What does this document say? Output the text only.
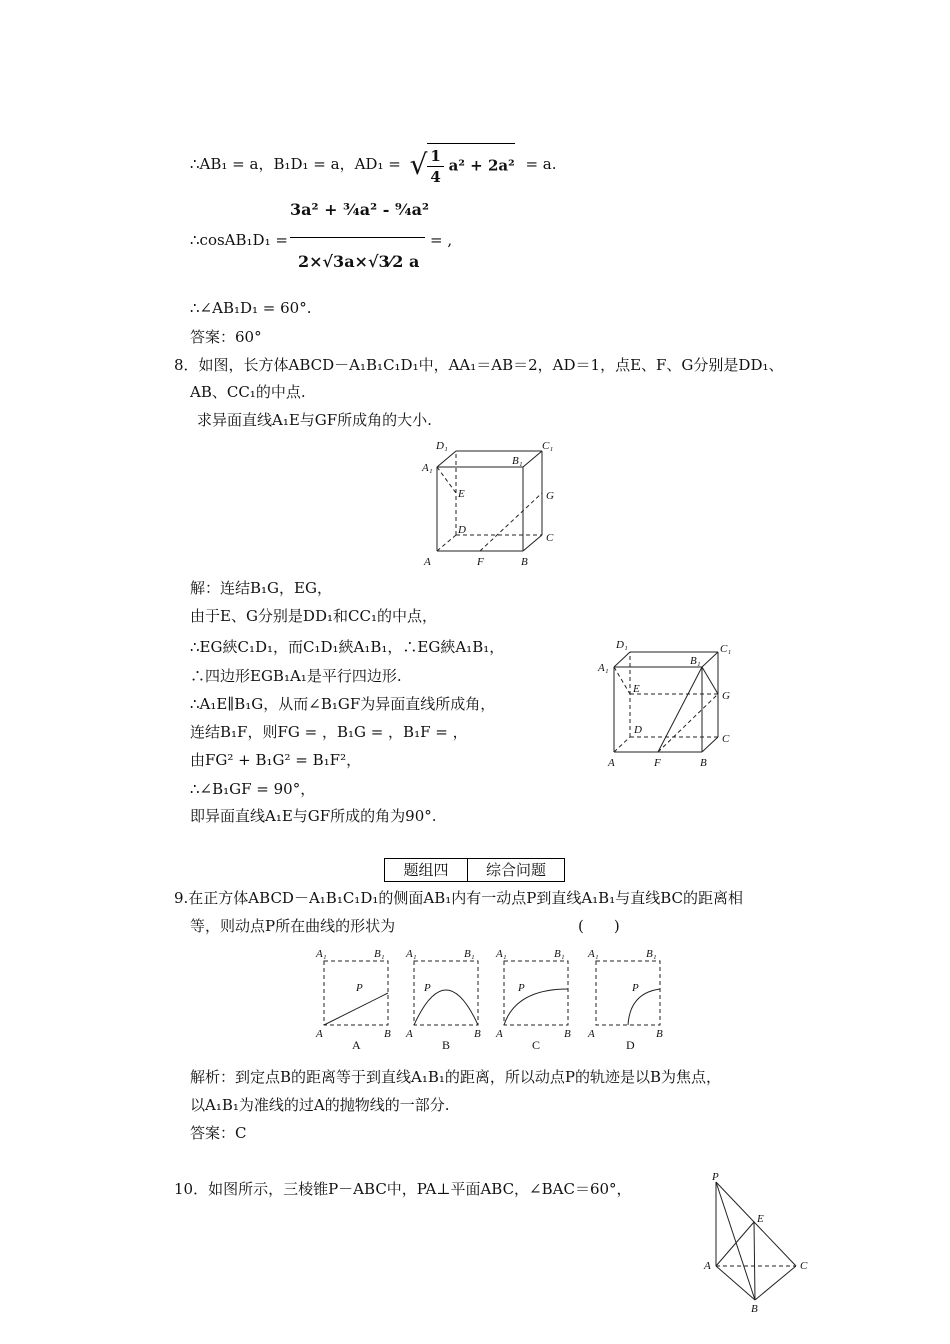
∴AB₁ = a，B₁D₁ = a，AD₁ = √ $\frac{1}{4} a^2 + 2a^2 = a$.
∴cosAB₁D₁ =
3a² + ³⁄₄a² - ⁹⁄₄a²
2×√3a×√3⁄2 a
= ,
∴∠AB₁D₁ = 60°.
答案：60°
8．如图，长方体ABCD－A₁B₁C₁D₁中，AA₁＝AB＝2，AD＝1，点E、F、G分别是DD₁、
AB、CC₁的中点.
求异面直线A₁E与GF所成角的大小.
A	F	B
C
D
E	G
A₁
B₁
D₁	C₁
解：连结B₁G，EG，
由于E、G分别是DD₁和CC₁的中点，
∴EG綊C₁D₁，而C₁D₁綊A₁B₁，∴EG綊A₁B₁，
∴四边形EGB₁A₁是平行四边形.
∴A₁E∥B₁G，从而∠B₁GF为异面直线所成角，
连结B₁F，则FG = ，B₁G = ，B₁F = ，
由FG² + B₁G² = B₁F²，
∴∠B₁GF = 90°，
即异面直线A₁E与GF所成的角为90°.
A	F	B
C
D
E
G
A₁
B₁
D₁	C₁
题组四	综合问题
9.在正方体ABCD－A₁B₁C₁D₁的侧面AB₁内有一动点P到直线A₁B₁与直线BC的距离相
等，则动点P所在曲线的形状为	(　　)
A₁	B₁
A	B
P
A
A₁	B₁
A	B
P
B
A₁	B₁
A	B
P
C
A₁	B₁
A	B
P
D
解析：到定点B的距离等于到直线A₁B₁的距离，所以动点P的轨迹是以B为焦点，
以A₁B₁为准线的过A的抛物线的一部分.
答案：C
10．如图所示，三棱锥P－ABC中，PA⊥平面ABC，∠BAC＝60°，
P
E
A	C
B
